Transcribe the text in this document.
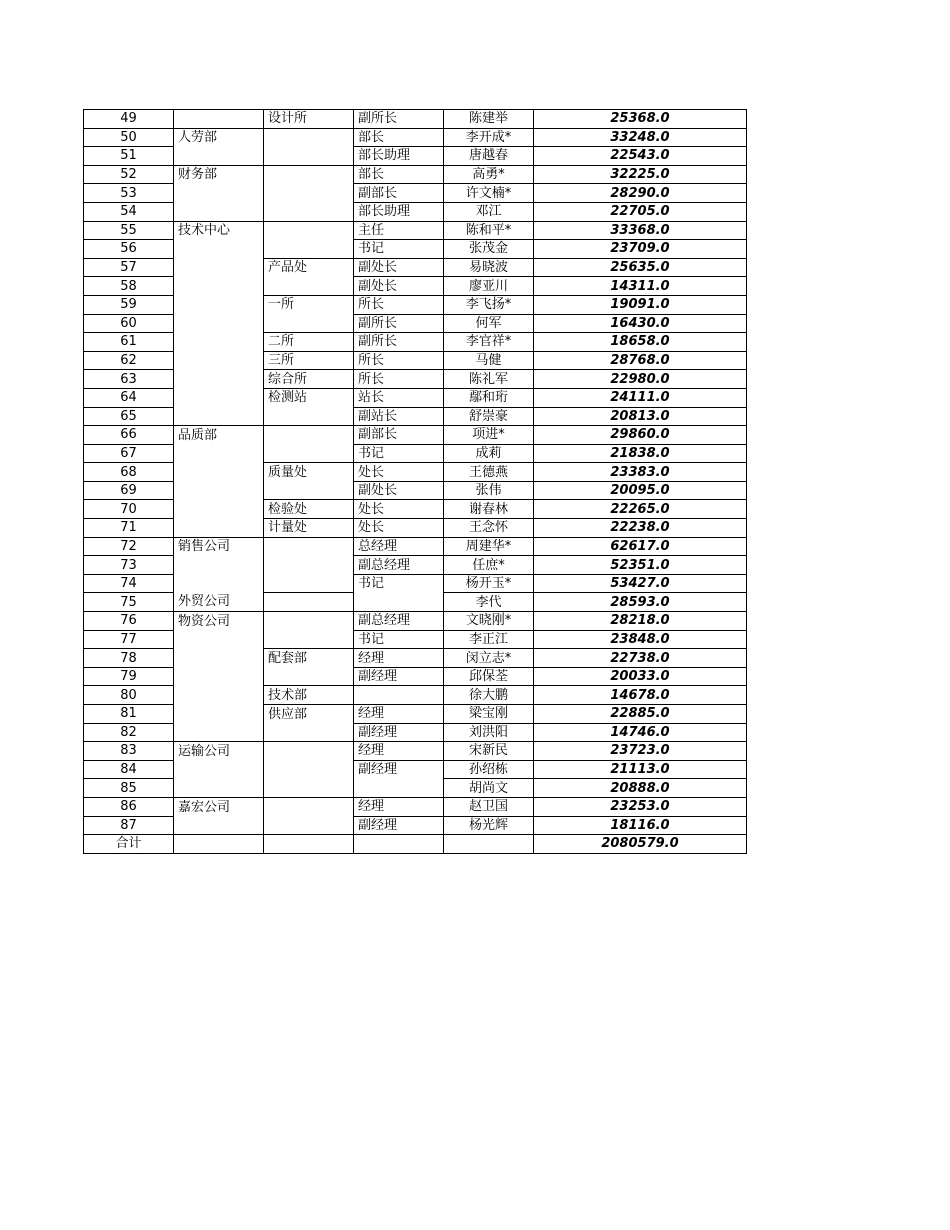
49		设计所	副所长	陈建举	25368.0
50	人劳部		部长	李开成*	33248.0
51			部长助理	唐越春	22543.0
52	财务部		部长	高勇*	32225.0
53			副部长	许文楠*	28290.0
54			部长助理	邓江	22705.0
55	技术中心		主任	陈和平*	33368.0
56			书记	张茂金	23709.0
57		产品处	副处长	易晓波	25635.0
58			副处长	廖亚川	14311.0
59		一所	所长	李飞扬*	19091.0
60			副所长	何军	16430.0
61		二所	副所长	李官祥*	18658.0
62		三所	所长	马健	28768.0
63		综合所	所长	陈礼军	22980.0
64		检测站	站长	鄢和珩	24111.0
65			副站长	舒崇豪	20813.0
66	品质部		副部长	项进*	29860.0
67			书记	成莉	21838.0
68		质量处	处长	王德燕	23383.0
69			副处长	张伟	20095.0
70		检验处	处长	谢春林	22265.0
71		计量处	处长	王念怀	22238.0
72	销售公司		总经理	周建华*	62617.0
73			副总经理	任庶*	52351.0
74			书记	杨开玉*	53427.0
75	外贸公司			李代	28593.0
76	物资公司		副总经理	文晓刚*	28218.0
77			书记	李正江	23848.0
78		配套部	经理	闵立志*	22738.0
79			副经理	邱保荃	20033.0
80		技术部		徐大鹏	14678.0
81		供应部	经理	梁宝刚	22885.0
82			副经理	刘洪阳	14746.0
83	运输公司		经理	宋新民	23723.0
84			副经理	孙绍栋	21113.0
85				胡尚文	20888.0
86	嘉宏公司		经理	赵卫国	23253.0
87			副经理	杨光辉	18116.0
合计					2080579.0
